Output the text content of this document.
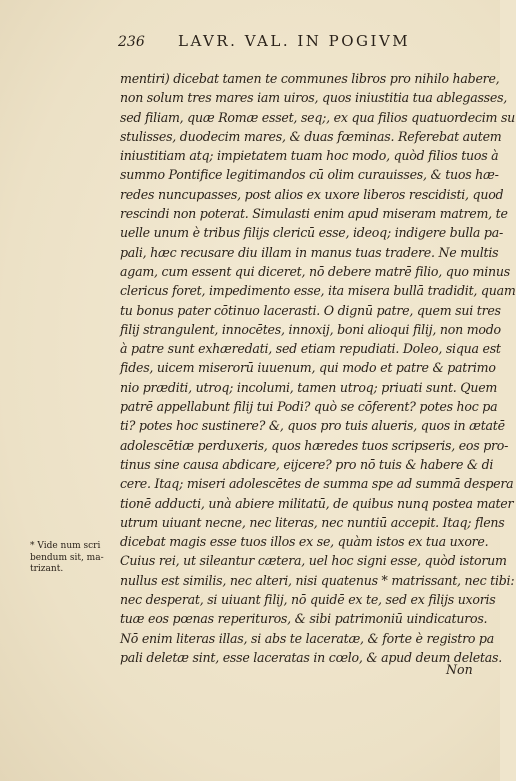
236 LAVR. VAL. IN POGIVM
mentiri) dicebat tamen te communes libros pro nihilo habere,
non solum tres mares iam uiros, quos iniustitia tua ablegasses,
sed filiam, quæ Romæ esset, seq;, ex qua filios quatuordecim su
stulisses, duodecim mares, & duas fœminas. Referebat autem
iniustitiam atq; impietatem tuam hoc modo, quòd filios tuos à
summo Pontifice legitimandos cū olim curauisses, & tuos hæ-
redes nuncupasses, post alios ex uxore liberos rescidisti, quod
rescindi non poterat. Simulasti enim apud miseram matrem, te
uelle unum è tribus filijs clericū esse, ideoq; indigere bulla pa-
pali, hæc recusare diu illam in manus tuas tradere. Ne multis
agam, cum essent qui diceret, nō debere matrē filio, quo minus
clericus foret, impedimento esse, ita misera bullā tradidit, quam
tu bonus pater cōtinuo lacerasti. O dignū patre, quem sui tres
filij strangulent, innocētes, innoxij, boni alioqui filij, non modo
à patre sunt exhæredati, sed etiam repudiati. Doleo, siqua est
fides, uicem miserorū iuuenum, qui modo et patre & patrimo
nio præditi, utroq; incolumi, tamen utroq; priuati sunt. Quem
patrē appellabunt filij tui Podi? quò se cōferent? potes hoc pa
ti? potes hoc sustinere? &, quos pro tuis alueris, quos in ætatē
adolescētiæ perduxeris, quos hæredes tuos scripseris, eos pro-
tinus sine causa abdicare, eijcere? pro nō tuis & habere & di
cere. Itaq; miseri adolescētes de summa spe ad summā despera
tionē adducti, unà abiere militatū, de quibus nunq postea mater
utrum uiuant necne, nec literas, nec nuntiū accepit. Itaq; flens
dicebat magis esse tuos illos ex se, quàm istos ex tua uxore.
Cuius rei, ut sileantur cætera, uel hoc signi esse, quòd istorum
nullus est similis, nec alteri, nisi quatenus * matrissant, nec tibi:
nec desperat, si uiuant filij, nō quidē ex te, sed ex filijs uxoris
tuæ eos pœnas reperituros, & sibi patrimoniū uindicaturos.
Nō enim literas illas, si abs te laceratæ, & forte è registro pa
pali deletæ sint, esse laceratas in cœlo, & apud deum deletas.
* Vide num scri
bendum sit, ma-
trizant.
Non
